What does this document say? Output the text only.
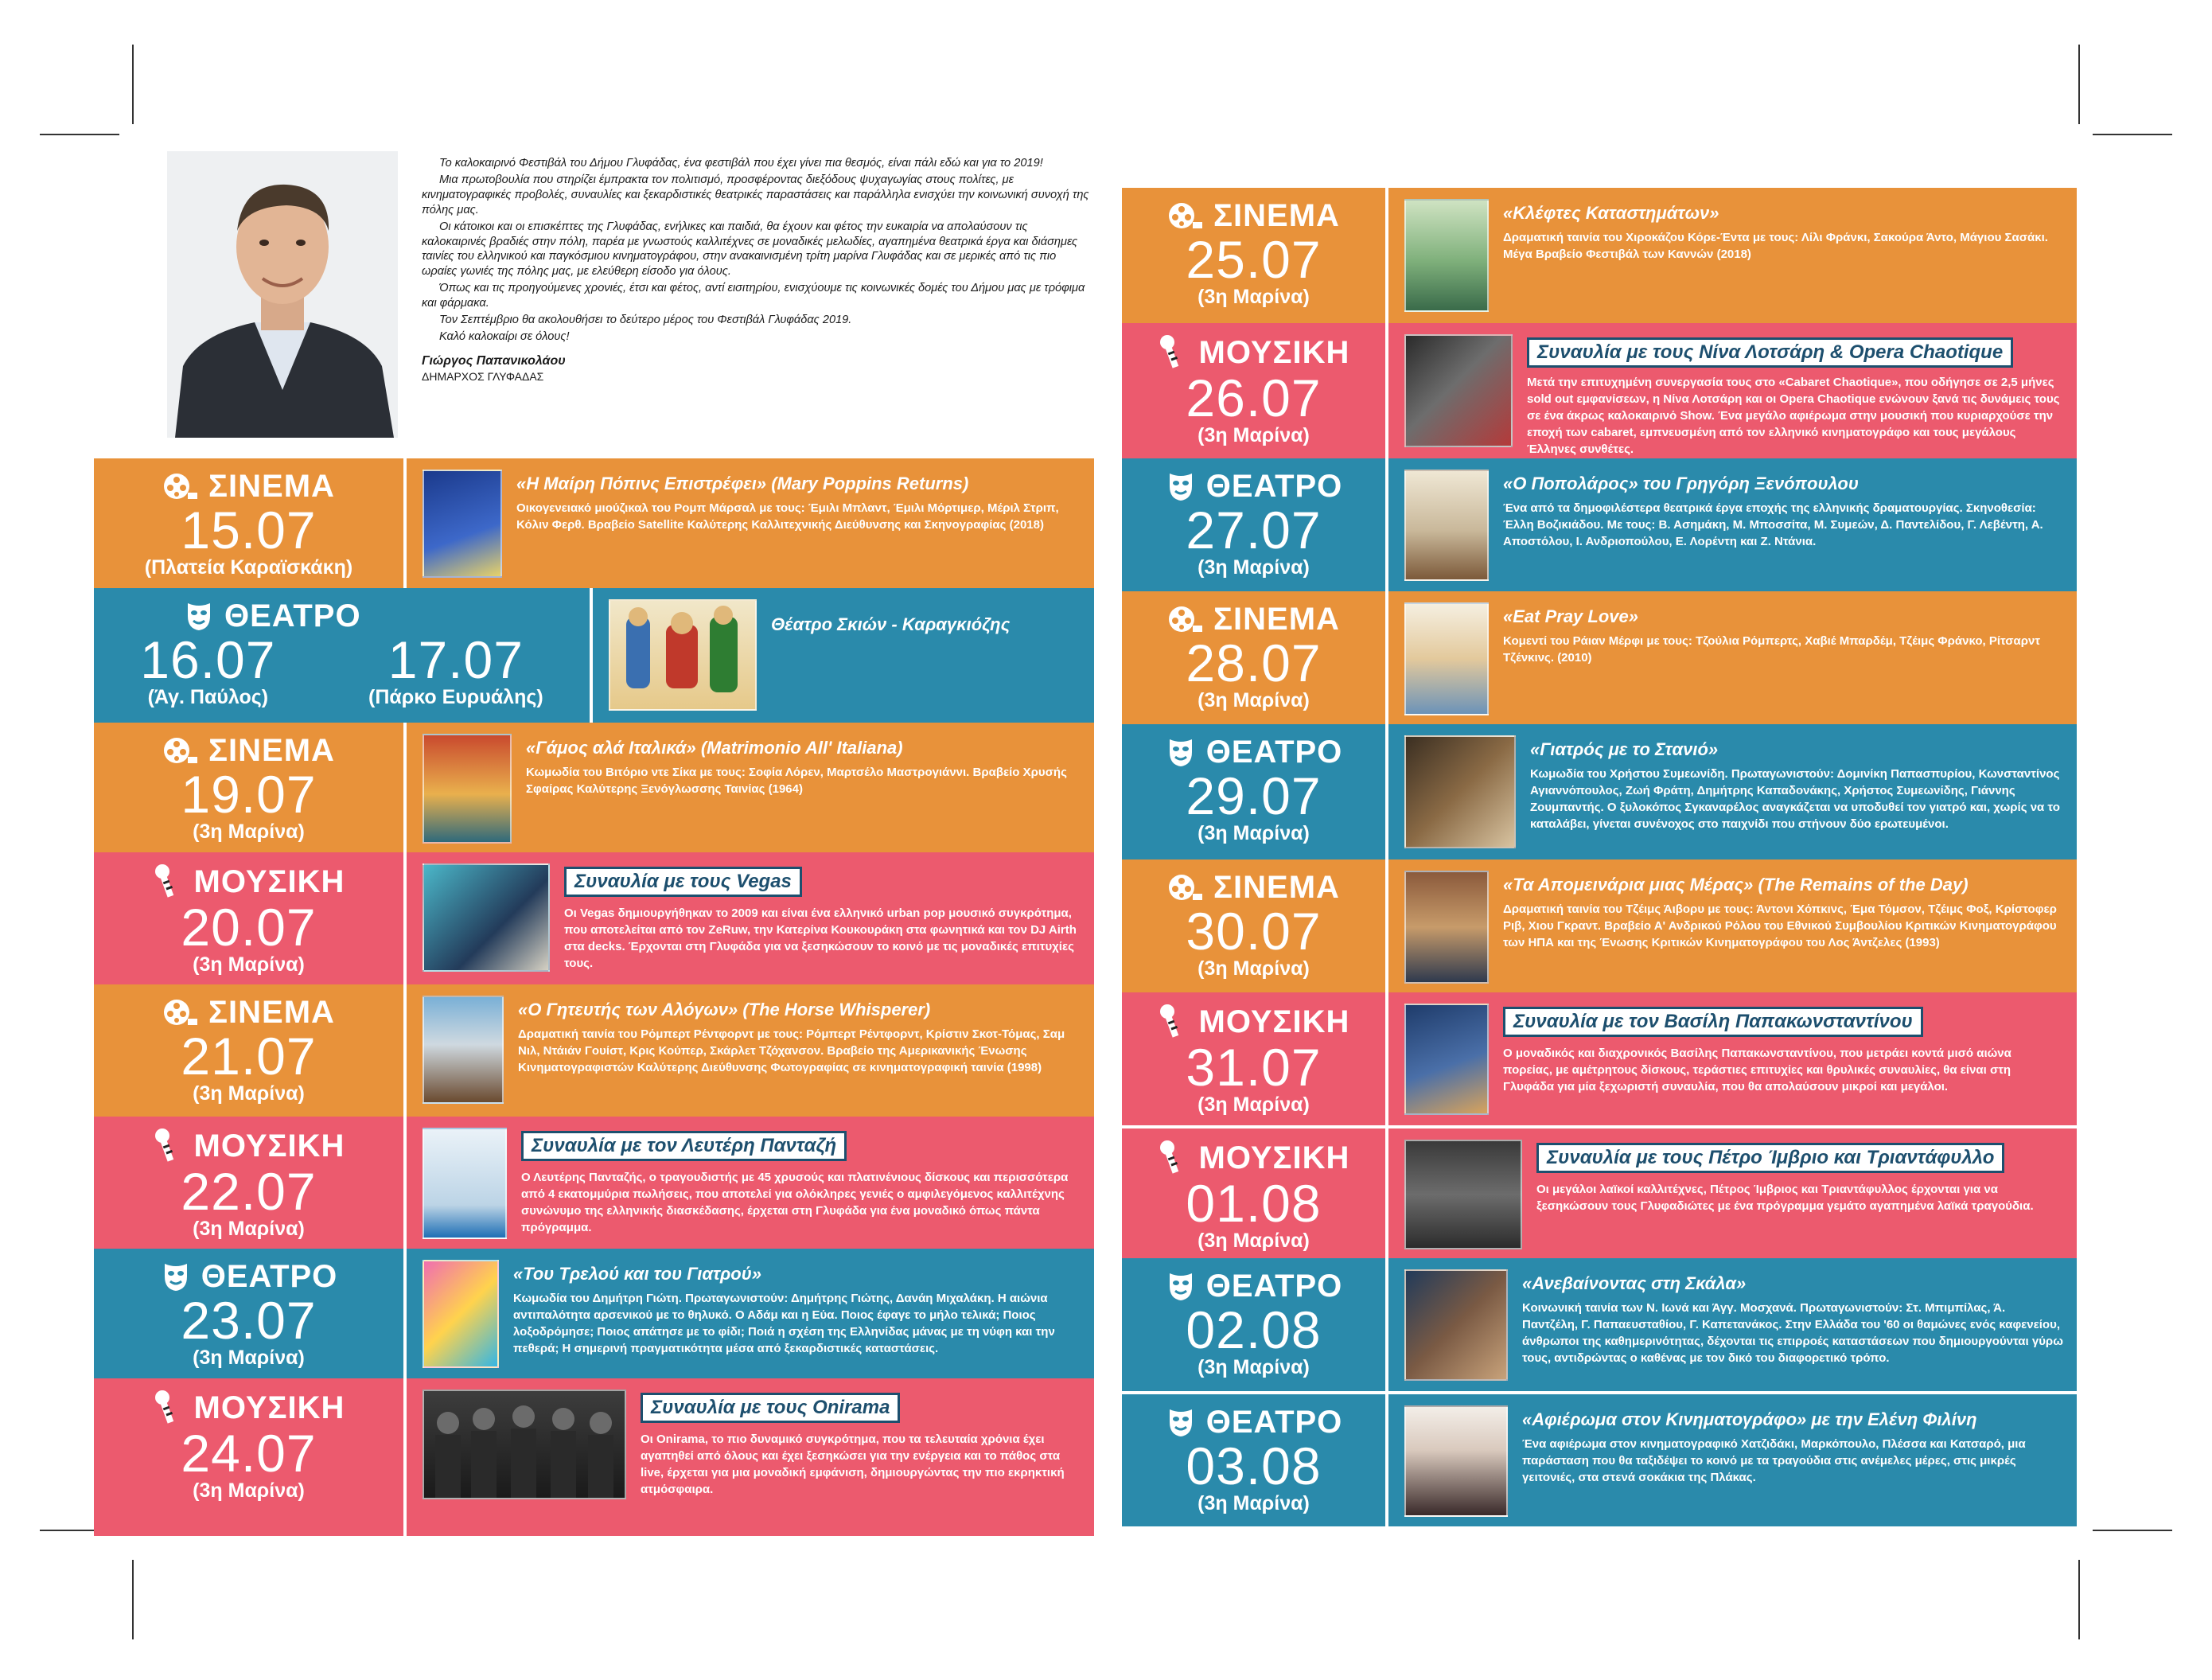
Το καλοκαιρινό Φεστιβάλ του Δήμου Γλυφάδας, ένα φεστιβάλ που έχει γίνει πια θεσμός, είναι πάλι εδώ και για το 2019!

Μια πρωτοβουλία που στηρίζει έμπρακτα τον πολιτισμό, προσφέροντας διεξόδους ψυχαγωγίας στους πολίτες, με κινηματογραφικές προβολές, συναυλίες και ξεκαρδιστικές θεατρικές παραστάσεις και παράλληλα ενισχύει την κοινωνική συνοχή της πόλης μας.

Οι κάτοικοι και οι επισκέπτες της Γλυφάδας, ενήλικες και παιδιά, θα έχουν και φέτος την ευκαιρία να απολαύσουν τις καλοκαιρινές βραδιές στην πόλη, παρέα με γνωστούς καλλιτέχνες σε μοναδικές μελωδίες, αγαπημένα θεατρικά έργα και διάσημες ταινίες του ελληνικού και παγκόσμιου κινηματογράφου, στην ανακαινισμένη τρίτη μαρίνα Γλυφάδας και σε μερικές από τις πιο ωραίες γωνιές της πόλης μας, με ελεύθερη είσοδο για όλους.

Όπως και τις προηγούμενες χρονιές, έτσι και φέτος, αντί εισιτηρίου, ενισχύουμε τις κοινωνικές δομές του Δήμου μας με τρόφιμα και φάρμακα.

Τον Σεπτέμβριο θα ακολουθήσει το δεύτερο μέρος του Φεστιβάλ Γλυφάδας 2019.

Καλό καλοκαίρι σε όλους!

Γιώργος Παπανικολάου
ΔΗΜΑΡΧΟΣ ΓΛΥΦΑΔΑΣ
ΣΙΝΕΜΑ
15.07
(Πλατεία Καραϊσκάκη)
«Η Μαίρη Πόπινς Επιστρέφει» (Mary Poppins Returns)
Οικογενειακό μιούζικαλ του Ρομπ Μάρσαλ με τους: Έμιλι Μπλαντ, Έμιλι Μόρτιμερ, Μέριλ Στριπ, Κόλιν Φερθ. Βραβείο Satellite Καλύτερης Καλλιτεχνικής Διεύθυνσης και Σκηνογραφίας (2018)
ΘΕΑΤΡΟ
16.07
(Άγ. Παύλος)
17.07
(Πάρκο Ευρυάλης)
Θέατρο Σκιών - Καραγκιόζης
ΣΙΝΕΜΑ
19.07
(3η Μαρίνα)
«Γάμος αλά Ιταλικά» (Matrimonio All' Italiana)
Κωμωδία του Βιτόριο ντε Σίκα με τους: Σοφία Λόρεν, Μαρτσέλο Μαστρογιάννι. Βραβείο Χρυσής Σφαίρας Καλύτερης Ξενόγλωσσης Ταινίας (1964)
ΜΟΥΣΙΚΗ
20.07
(3η Μαρίνα)
Συναυλία με τους Vegas
Οι Vegas δημιουργήθηκαν το 2009 και είναι ένα ελληνικό urban pop μουσικό συγκρότημα, που αποτελείται από τον ZeRuw, την Κατερίνα Κουκουράκη στα φωνητικά και τον DJ Airth στα decks. Έρχονται στη Γλυφάδα για να ξεσηκώσουν το κοινό με τις μοναδικές επιτυχίες τους.
ΣΙΝΕΜΑ
21.07
(3η Μαρίνα)
«Ο Γητευτής των Αλόγων» (The Horse Whisperer)
Δραματική ταινία του Ρόμπερτ Ρέντφορντ με τους: Ρόμπερτ Ρέντφορντ, Κρίστιν Σκοτ-Τόμας, Σαμ Νιλ, Ντάιάν Γουίστ, Κρις Κούπερ, Σκάρλετ Τζόχανσον. Βραβείο της Αμερικανικής Ένωσης Κινηματογραφιστών Καλύτερης Διεύθυνσης Φωτογραφίας σε κινηματογραφική ταινία (1998)
ΜΟΥΣΙΚΗ
22.07
(3η Μαρίνα)
Συναυλία με τον Λευτέρη Πανταζή
Ο Λευτέρης Πανταζής, ο τραγουδιστής με 45 χρυσούς και πλατινένιους δίσκους και περισσότερα από 4 εκατομμύρια πωλήσεις, που αποτελεί για ολόκληρες γενιές ο αμφιλεγόμενος καλλιτέχνης συνώνυμο της ελληνικής διασκέδασης, έρχεται στη Γλυφάδα για ένα μοναδικό όπως πάντα πρόγραμμα.
ΘΕΑΤΡΟ
23.07
(3η Μαρίνα)
«Του Τρελού και του Γιατρού»
Κωμωδία του Δημήτρη Γιώτη. Πρωταγωνιστούν: Δημήτρης Γιώτης, Δανάη Μιχαλάκη. Η αιώνια αντιπαλότητα αρσενικού με το θηλυκό. Ο Αδάμ και η Εύα. Ποιος έφαγε το μήλο τελικά; Ποιος λοξοδρόμησε; Ποιος απάτησε με το φίδι; Ποιά η σχέση της Ελληνίδας μάνας με τη νύφη και την πεθερά; Η σημερινή πραγματικότητα μέσα από ξεκαρδιστικές καταστάσεις.
ΜΟΥΣΙΚΗ
24.07
(3η Μαρίνα)
Συναυλία με τους Onirama
Οι Onirama, το πιο δυναμικό συγκρότημα, που τα τελευταία χρόνια έχει αγαπηθεί από όλους και έχει ξεσηκώσει για την ενέργεια και το πάθος στα live, έρχεται για μια μοναδική εμφάνιση, δημιουργώντας την πιο εκρηκτική ατμόσφαιρα.
ΣΙΝΕΜΑ
25.07
(3η Μαρίνα)
«Κλέφτες Καταστημάτων»
Δραματική ταινία του Χιροκάζου Κόρε-Έντα με τους: Λίλι Φράνκι, Σακούρα Άντο, Μάγιου Σασάκι. Μέγα Βραβείο Φεστιβάλ των Καννών (2018)
ΜΟΥΣΙΚΗ
26.07
(3η Μαρίνα)
Συναυλία με τους Νίνα Λοτσάρη & Opera Chaotique
Μετά την επιτυχημένη συνεργασία τους στο «Cabaret Chaotique», που οδήγησε σε 2,5 μήνες sold out εμφανίσεων, η Νίνα Λοτσάρη και οι Opera Chaotique ενώνουν ξανά τις δυνάμεις τους σε ένα άκρως καλοκαιρινό Show. Ένα μεγάλο αφιέρωμα στην μουσική που κυριαρχούσε την εποχή των cabaret, εμπνευσμένη από τον ελληνικό κινηματογράφο και τους μεγάλους Έλληνες συνθέτες.
ΘΕΑΤΡΟ
27.07
(3η Μαρίνα)
«Ο Ποπολάρος» του Γρηγόρη Ξενόπουλου
Ένα από τα δημοφιλέστερα θεατρικά έργα εποχής της ελληνικής δραματουργίας. Σκηνοθεσία: Έλλη Βοζικιάδου. Με τους: Β. Ασημάκη, Μ. Μποσσίτα, Μ. Συμεών, Δ. Παντελίδου, Γ. Λεβέντη, Α. Αποστόλου, Ι. Ανδριοπούλου, Ε. Λορέντη και Ζ. Ντάνια.
ΣΙΝΕΜΑ
28.07
(3η Μαρίνα)
«Eat Pray Love»
Κομεντί του Ράιαν Μέρφι με τους: Τζούλια Ρόμπερτς, Χαβιέ Μπαρδέμ, Τζέιμς Φράνκο, Ρίτσαρντ Τζένκινς. (2010)
ΘΕΑΤΡΟ
29.07
(3η Μαρίνα)
«Γιατρός με το Στανιό»
Κωμωδία του Χρήστου Συμεωνίδη. Πρωταγωνιστούν: Δομινίκη Παπασπυρίου, Κωνσταντίνος Αγιαννόπουλος, Ζωή Φράτη, Δημήτρης Καπαδονάκης, Χρήστος Συμεωνίδης, Γιάννης Ζουμπαντής. Ο ξυλοκόπος Σγκαναρέλος αναγκάζεται να υποδυθεί τον γιατρό και, χωρίς να το καταλάβει, γίνεται συνένοχος στο παιχνίδι που στήνουν δύο ερωτευμένοι.
ΣΙΝΕΜΑ
30.07
(3η Μαρίνα)
«Τα Απομεινάρια μιας Μέρας» (The Remains of the Day)
Δραματική ταινία του Τζέιμς Άιβορυ με τους: Άντονι Χόπκινς, Έμα Τόμσον, Τζέιμς Φοξ, Κρίστοφερ Ριβ, Χιου Γκραντ. Βραβείο Α' Ανδρικού Ρόλου του Εθνικού Συμβουλίου Κριτικών Κινηματογράφου των ΗΠΑ και της Ένωσης Κριτικών Κινηματογράφου του Λος Άντζελες (1993)
ΜΟΥΣΙΚΗ
31.07
(3η Μαρίνα)
Συναυλία με τον Βασίλη Παπακωνσταντίνου
Ο μοναδικός και διαχρονικός Βασίλης Παπακωνσταντίνου, που μετράει κοντά μισό αιώνα πορείας, με αμέτρητους δίσκους, τεράστιες επιτυχίες και θρυλικές συναυλίες, θα είναι στη Γλυφάδα για μία ξεχωριστή συναυλία, που θα απολαύσουν μικροί και μεγάλοι.
ΜΟΥΣΙΚΗ
01.08
(3η Μαρίνα)
Συναυλία με τους Πέτρο Ίμβριο και Τριαντάφυλλο
Οι μεγάλοι λαϊκοί καλλιτέχνες, Πέτρος Ίμβριος και Τριαντάφυλλος έρχονται για να ξεσηκώσουν τους Γλυφαδιώτες με ένα πρόγραμμα γεμάτο αγαπημένα λαϊκά τραγούδια.
ΘΕΑΤΡΟ
02.08
(3η Μαρίνα)
«Ανεβαίνοντας στη Σκάλα»
Κοινωνική ταινία των Ν. Ιωνά και Άγγ. Μοσχανά. Πρωταγωνιστούν: Στ. Μπιμπίλας, Ά. Παντζέλη, Γ. Παπαευσταθίου, Γ. Καπετανάκος. Στην Ελλάδα του '60 οι θαμώνες ενός καφενείου, άνθρωποι της καθημερινότητας, δέχονται τις επιρροές καταστάσεων που δημιουργούνται γύρω τους, αντιδρώντας ο καθένας με τον δικό του διαφορετικό τρόπο.
ΘΕΑΤΡΟ
03.08
(3η Μαρίνα)
«Αφιέρωμα στον Κινηματογράφο» με την Ελένη Φιλίνη
Ένα αφιέρωμα στον κινηματογραφικό Χατζιδάκι, Μαρκόπουλο, Πλέσσα και Κατσαρό, μια παράσταση που θα ταξιδέψει το κοινό με τα τραγούδια στις ανέμελες μέρες, στις μικρές γειτονιές, στα στενά σοκάκια της Πλάκας.
